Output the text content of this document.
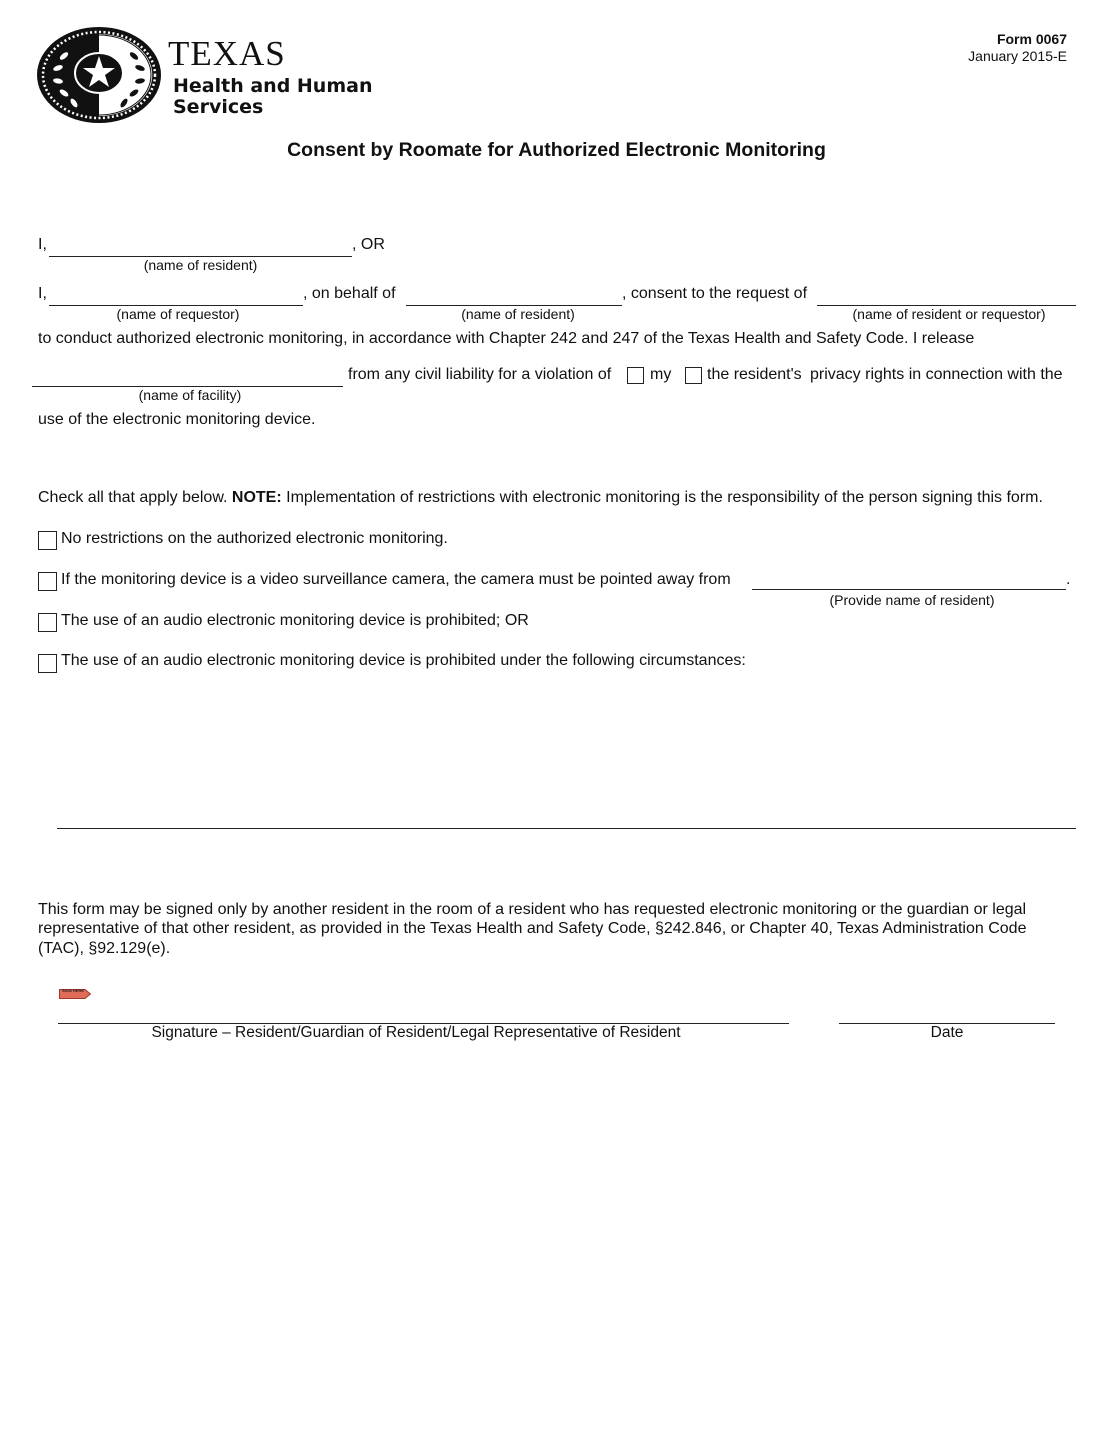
TEXAS
Health and Human
Services
Form 0067
January 2015-E
Consent by Roomate for Authorized Electronic Monitoring
I,	, OR
(name of resident)
I,
(name of requestor)
, on behalf of
(name of resident)
, consent to the request of
(name of resident or requestor)
to conduct authorized electronic monitoring, in accordance with Chapter 242 and 247 of the Texas Health and Safety Code. I release
(name of facility)
from any civil liability for a violation of my the resident's privacy rights in connection with the
use of the electronic monitoring device.
Check all that apply below. NOTE: Implementation of restrictions with electronic monitoring is the responsibility of the person signing this form.
No restrictions on the authorized electronic monitoring.
If the monitoring device is a video surveillance camera, the camera must be pointed away from	.
(Provide name of resident)
The use of an audio electronic monitoring device is prohibited; OR
The use of an audio electronic monitoring device is prohibited under the following circumstances:
This form may be signed only by another resident in the room of a resident who has requested electronic monitoring or the guardian or legal
representative of that other resident, as provided in the Texas Health and Safety Code, §242.846, or Chapter 40, Texas Administration Code
(TAC), §92.129(e).
SIGN HERE
Signature – Resident/Guardian of Resident/Legal Representative of Resident	Date
